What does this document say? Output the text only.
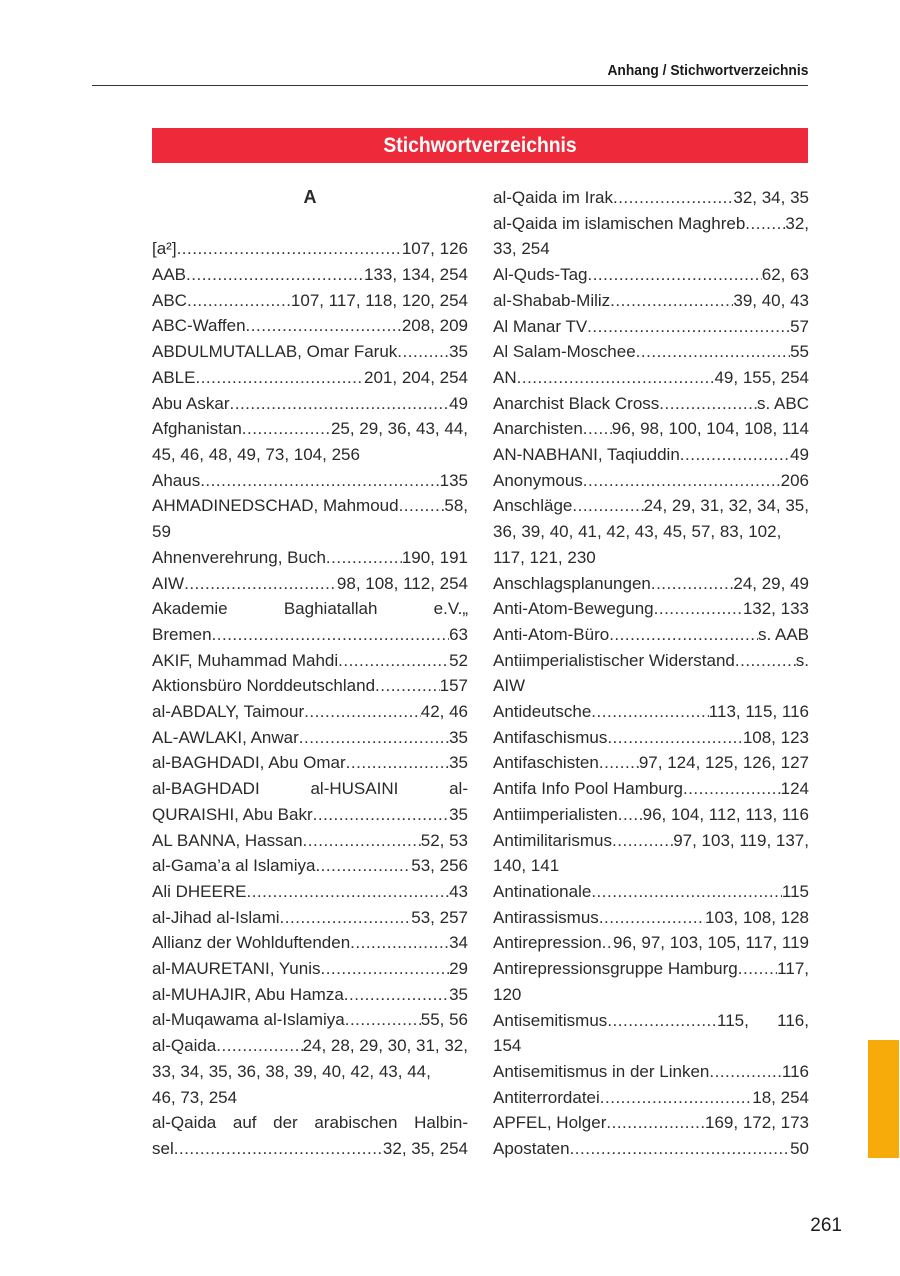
Anhang / Stichwortverzeichnis
Stichwortverzeichnis
A
[a²] .....	107, 126
AAB .....	133, 134, 254
ABC .....	107, 117, 118, 120, 254
ABC-Waffen .....	208, 209
ABDULMUTALLAB, Omar Faruk .....	35
ABLE .....	201, 204, 254
Abu Askar .....	49
Afghanistan .....	25, 29, 36, 43, 44,
45, 46, 48, 49, 73, 104, 256
Ahaus .....	135
AHMADINEDSCHAD, Mahmoud .....	58,
59
Ahnenverehrung, Buch .....	190, 191
AIW .....	98, 108, 112, 254
Akademie Baghiatallah e.V.„
Bremen .....	63
AKIF, Muhammad Mahdi .....	52
Aktionsbüro Norddeutschland .....	157
al-ABDALY, Taimour .....	42, 46
AL-AWLAKI, Anwar .....	35
al-BAGHDADI, Abu Omar .....	35
al-BAGHDADI al-HUSAINI al-
QURAISHI, Abu Bakr .....	35
AL BANNA, Hassan .....	52, 53
al-Gama’a al Islamiya .....	53, 256
Ali DHEERE .....	43
al-Jihad al-Islami .....	53, 257
Allianz der Wohlduftenden .....	34
al-MAURETANI, Yunis .....	29
al-MUHAJIR, Abu Hamza .....	35
al-Muqawama al-Islamiya .....	55, 56
al-Qaida .....	24, 28, 29, 30, 31, 32,
33, 34, 35, 36, 38, 39, 40, 42, 43, 44,
46, 73, 254
al-Qaida auf der arabischen Halbin-
sel .....	32, 35, 254
al-Qaida im Irak .....	32, 34, 35
al-Qaida im islamischen Maghreb ..... 32,
33, 254
Al-Quds-Tag .....	62, 63
al-Shabab-Miliz .....	39, 40, 43
Al Manar TV .....	57
Al Salam-Moschee .....	55
AN .....	49, 155, 254
Anarchist Black Cross .....	s. ABC
Anarchisten ..... 96, 98, 100, 104, 108, 114
AN-NABHANI, Taqiuddin .....	49
Anonymous .....	206
Anschläge .....	24, 29, 31, 32, 34, 35,
36, 39, 40, 41, 42, 43, 45, 57, 83, 102,
117, 121, 230
Anschlagsplanungen .....	24, 29, 49
Anti-Atom-Bewegung .....	132, 133
Anti-Atom-Büro .....	s. AAB
Antiimperialistischer Widerstand .....	s.
AIW
Antideutsche .....	113, 115, 116
Antifaschismus .....	108, 123
Antifaschisten ..... 97, 124, 125, 126, 127
Antifa Info Pool Hamburg .....	124
Antiimperialisten ..... 96, 104, 112, 113, 116
Antimilitarismus .....	97, 103, 119, 137,
140, 141
Antinationale .....	115
Antirassismus .....	103, 108, 128
Antirepression ..... 96, 97, 103, 105, 117, 119
Antirepressionsgruppe Hamburg ..... 117,
120
Antisemitismus .....	115,      116,
154
Antisemitismus in der Linken .....	116
Antiterrordatei .....	18, 254
APFEL, Holger .....	169, 172, 173
Apostaten .....	50
261
